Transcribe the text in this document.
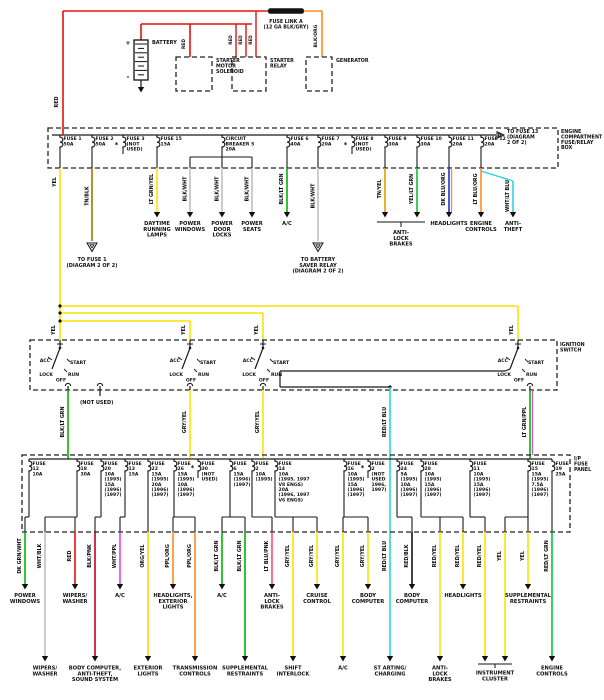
RED
FUSE LINK A (12 GA BLK/GRY) BLK/ORG
RED	RED RED RED
+
-
BATTERY
STARTER MOTOR SOLENOID
STARTER RELAY
GENERATOR
ENGINE COMPARTMENT FUSE/RELAY BOX
TO FUSE 13 (DIAGRAM 2 OF 2)
FUSE 1 50A
YEL
FUSE 2 50A
TN/BLK
TO FUSE 1 (DIAGRAM 2 OF 2)
FUSE 3 (NOT USED)
*
FUSE 15 15A
LT GRN/YEL
DAYTIME RUNNING LAMPS
CIRCUIT BREAKER 5 20A
BLK/WHT
POWER WINDOWS
BLK/WHT
POWER DOOR LOCKS
BLK/WHT
POWER SEATS
FUSE 6 40A
BLK/LT GRN
A/C
FUSE 7 20A
BLK/WHT
TO BATTERY SAVER RELAY (DIAGRAM 2 OF 2)
FUSE 8 (NOT USED)
*
FUSE 9 30A
TN/YEL
FUSE 10 30A
YEL/LT GRN
FUSE 11 20A
DK BLU/ORG
HEADLIGHTS
FUSE 12 20A
LT BLU/ORG
ENGINE CONTROLS
WHT/LT BLU
ANTI-THEFT
ANTI-LOCK BRAKES
YEL	YEL	YEL	YEL
IGNITION SWITCH
ACC
LOCK
OFF
RUN
START	ACC
LOCK
OFF
RUN
START	ACC
LOCK
OFF
RUN
START	ACC
LOCK
OFF
RUN
START
(NOT USED)
BLK/LT GRN	GRY/YEL	GRY/YEL	RED/LT BLU	LT GRN/PPL
I/P FUSE PANEL
FUSE 12 10A
FUSE 18 30A
FUSE 20 10A (1995) 15A (1996) (1997)
FUSE 13 15A
FUSE 22 15A (1995) 20A (1996) (1997)
FUSE 26 15A (1995) 10A (1996) (1997)
FUSE 30 (NOT USED)
*	FUSE 6 15A (1996) (1997)
FUSE 2 10A (1995)
FUSE 14 10A (1995, 1997 V8 ENGS) 20A (1996, 1997 V6 ENGS)
FUSE 16 10A (1995) 15A (1996) (1997)
FUSE 2 (NOT USED 1996, 1997)
*	FUSE 24 5A (1995) 10A (1996) (1997)
FUSE 28 10A (1995) 15A (1996) (1997)
FUSE 11 10A (1995) 15A (1996) (1997)
FUSE 15 15A (1995) 7.5A (1996) (1997)
FUSE 19 25A
DK GRN/WHT
POWER WINDOWS
WHT/BLK
WIPERS/ WASHER
RED
WIPERS/ WASHER
BLK/PNK
BODY COMPUTER, ANTI-THEFT, SOUND SYSTEM
WHT/PPL
A/C
ORG/YEL
EXTERIOR LIGHTS
PPL/ORG
HEADLIGHTS, EXTERIOR LIGHTS
PPL/ORG
TRANSMISSION CONTROLS
BLK/LT GRN
A/C
BLK/LT GRN
SUPPLEMENTAL RESTRAINTS
LT BLU/PNK
ANTI-LOCK BRAKES
GRY/YEL
SHIFT INTERLOCK
GRY/YEL
CRUISE CONTROL
GRY/YEL
A/C
GRY/YEL
BODY COMPUTER
RED/LT BLU
ST ARTING/ CHARGING
RED/BLK
BODY COMPUTER
RED/YEL
ANTI-LOCK BRAKES
RED/YEL
HEADLIGHTS
RED/YEL	YEL	YEL
SUPPLEMENTAL RESTRAINTS
RED/LT GRN
ENGINE CONTROLS
INSTRUMENT CLUSTER
